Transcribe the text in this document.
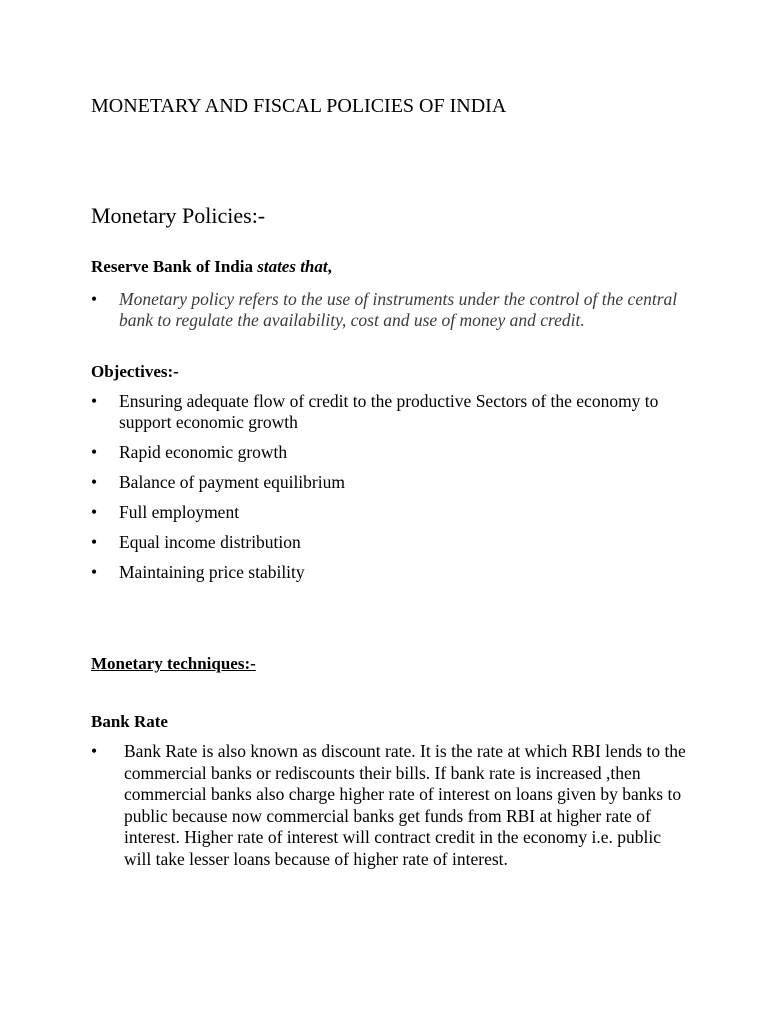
MONETARY AND FISCAL POLICIES OF INDIA
Monetary Policies:-
Reserve Bank of India states that,
• Monetary policy refers to the use of instruments under the control of the central bank to regulate the availability, cost and use of money and credit.
Objectives:-
• Ensuring adequate flow of credit to the productive Sectors of the economy to support economic growth
• Rapid economic growth
• Balance of payment equilibrium
• Full employment
• Equal income distribution
• Maintaining price stability
Monetary techniques:-
Bank Rate
• Bank Rate is also known as discount rate. It is the rate at which RBI lends to the commercial banks or rediscounts their bills. If bank rate is increased ,then commercial banks also charge higher rate of interest on loans given by banks to public because now commercial banks get funds from RBI at higher rate of interest. Higher rate of interest will contract credit in the economy i.e. public will take lesser loans because of higher rate of interest.
